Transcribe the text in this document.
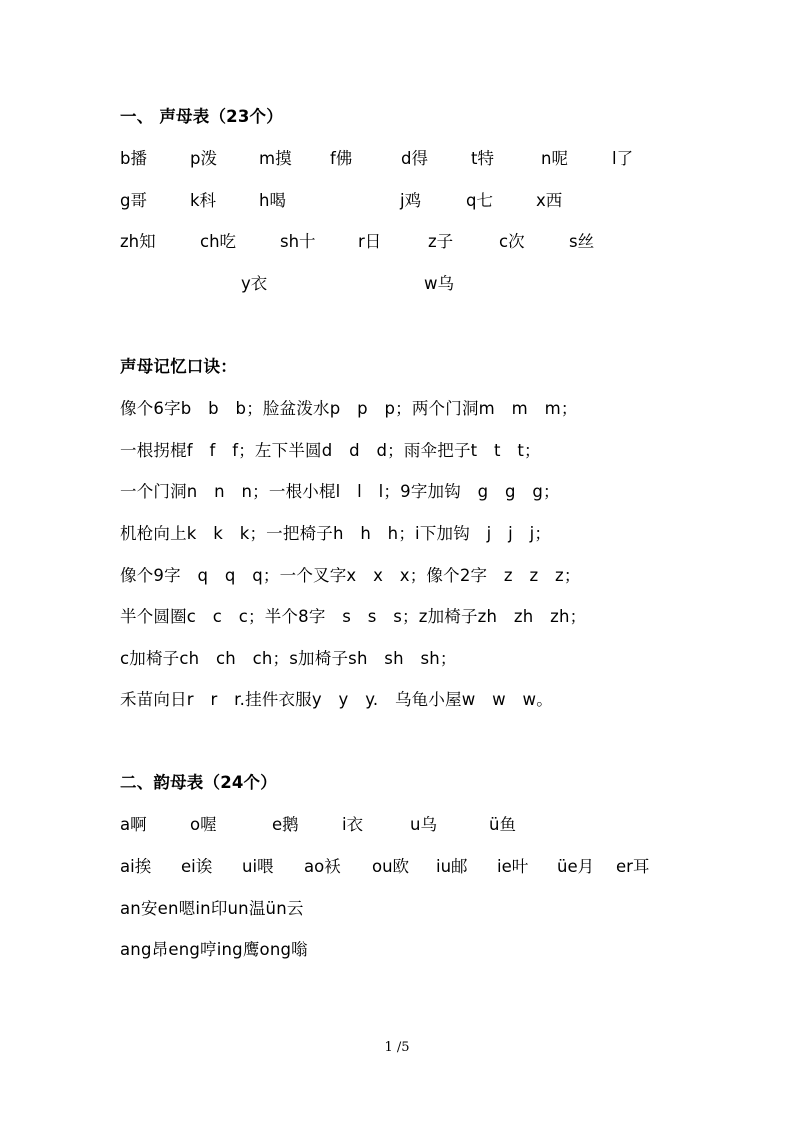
一、 声母表（23个）
b播	p泼	m摸 f佛	d得	t特	n呢	l了
g哥	k科	h喝	j鸡	q七	x西
zh知	ch吃	sh十	r日	z子	c次	s丝
y衣	w乌
声母记忆口诀：
像个6字b　b　b；脸盆泼水p　p　p；两个门洞m　m　m；
一根拐棍f　f　f；左下半圆d　d　d；雨伞把子t　t　t；
一个门洞n　n　n；一根小棍l　l　l；9字加钩　g　g　g；
机枪向上k　k　k；一把椅子h　h　h；i下加钩　j　j　j；
像个9字　q　q　q；一个叉字x　x　x；像个2字　z　z　z；
半个圆圈c　c　c；半个8字　s　s　s；z加椅子zh　zh　zh；
c加椅子ch　ch　ch；s加椅子sh　sh　sh；
禾苗向日r　r　r.挂件衣服y　y　y.　乌龟小屋w　w　w。
二、韵母表（24个）
a啊	o喔	e鹅	i衣	u乌	ü鱼
ai挨 ei诶 ui喂 ao袄 ou欧 iu邮 ie叶 üe月 er耳
an安en嗯in印un温ün云
ang昂eng哼ing鹰ong嗡
1 /5
